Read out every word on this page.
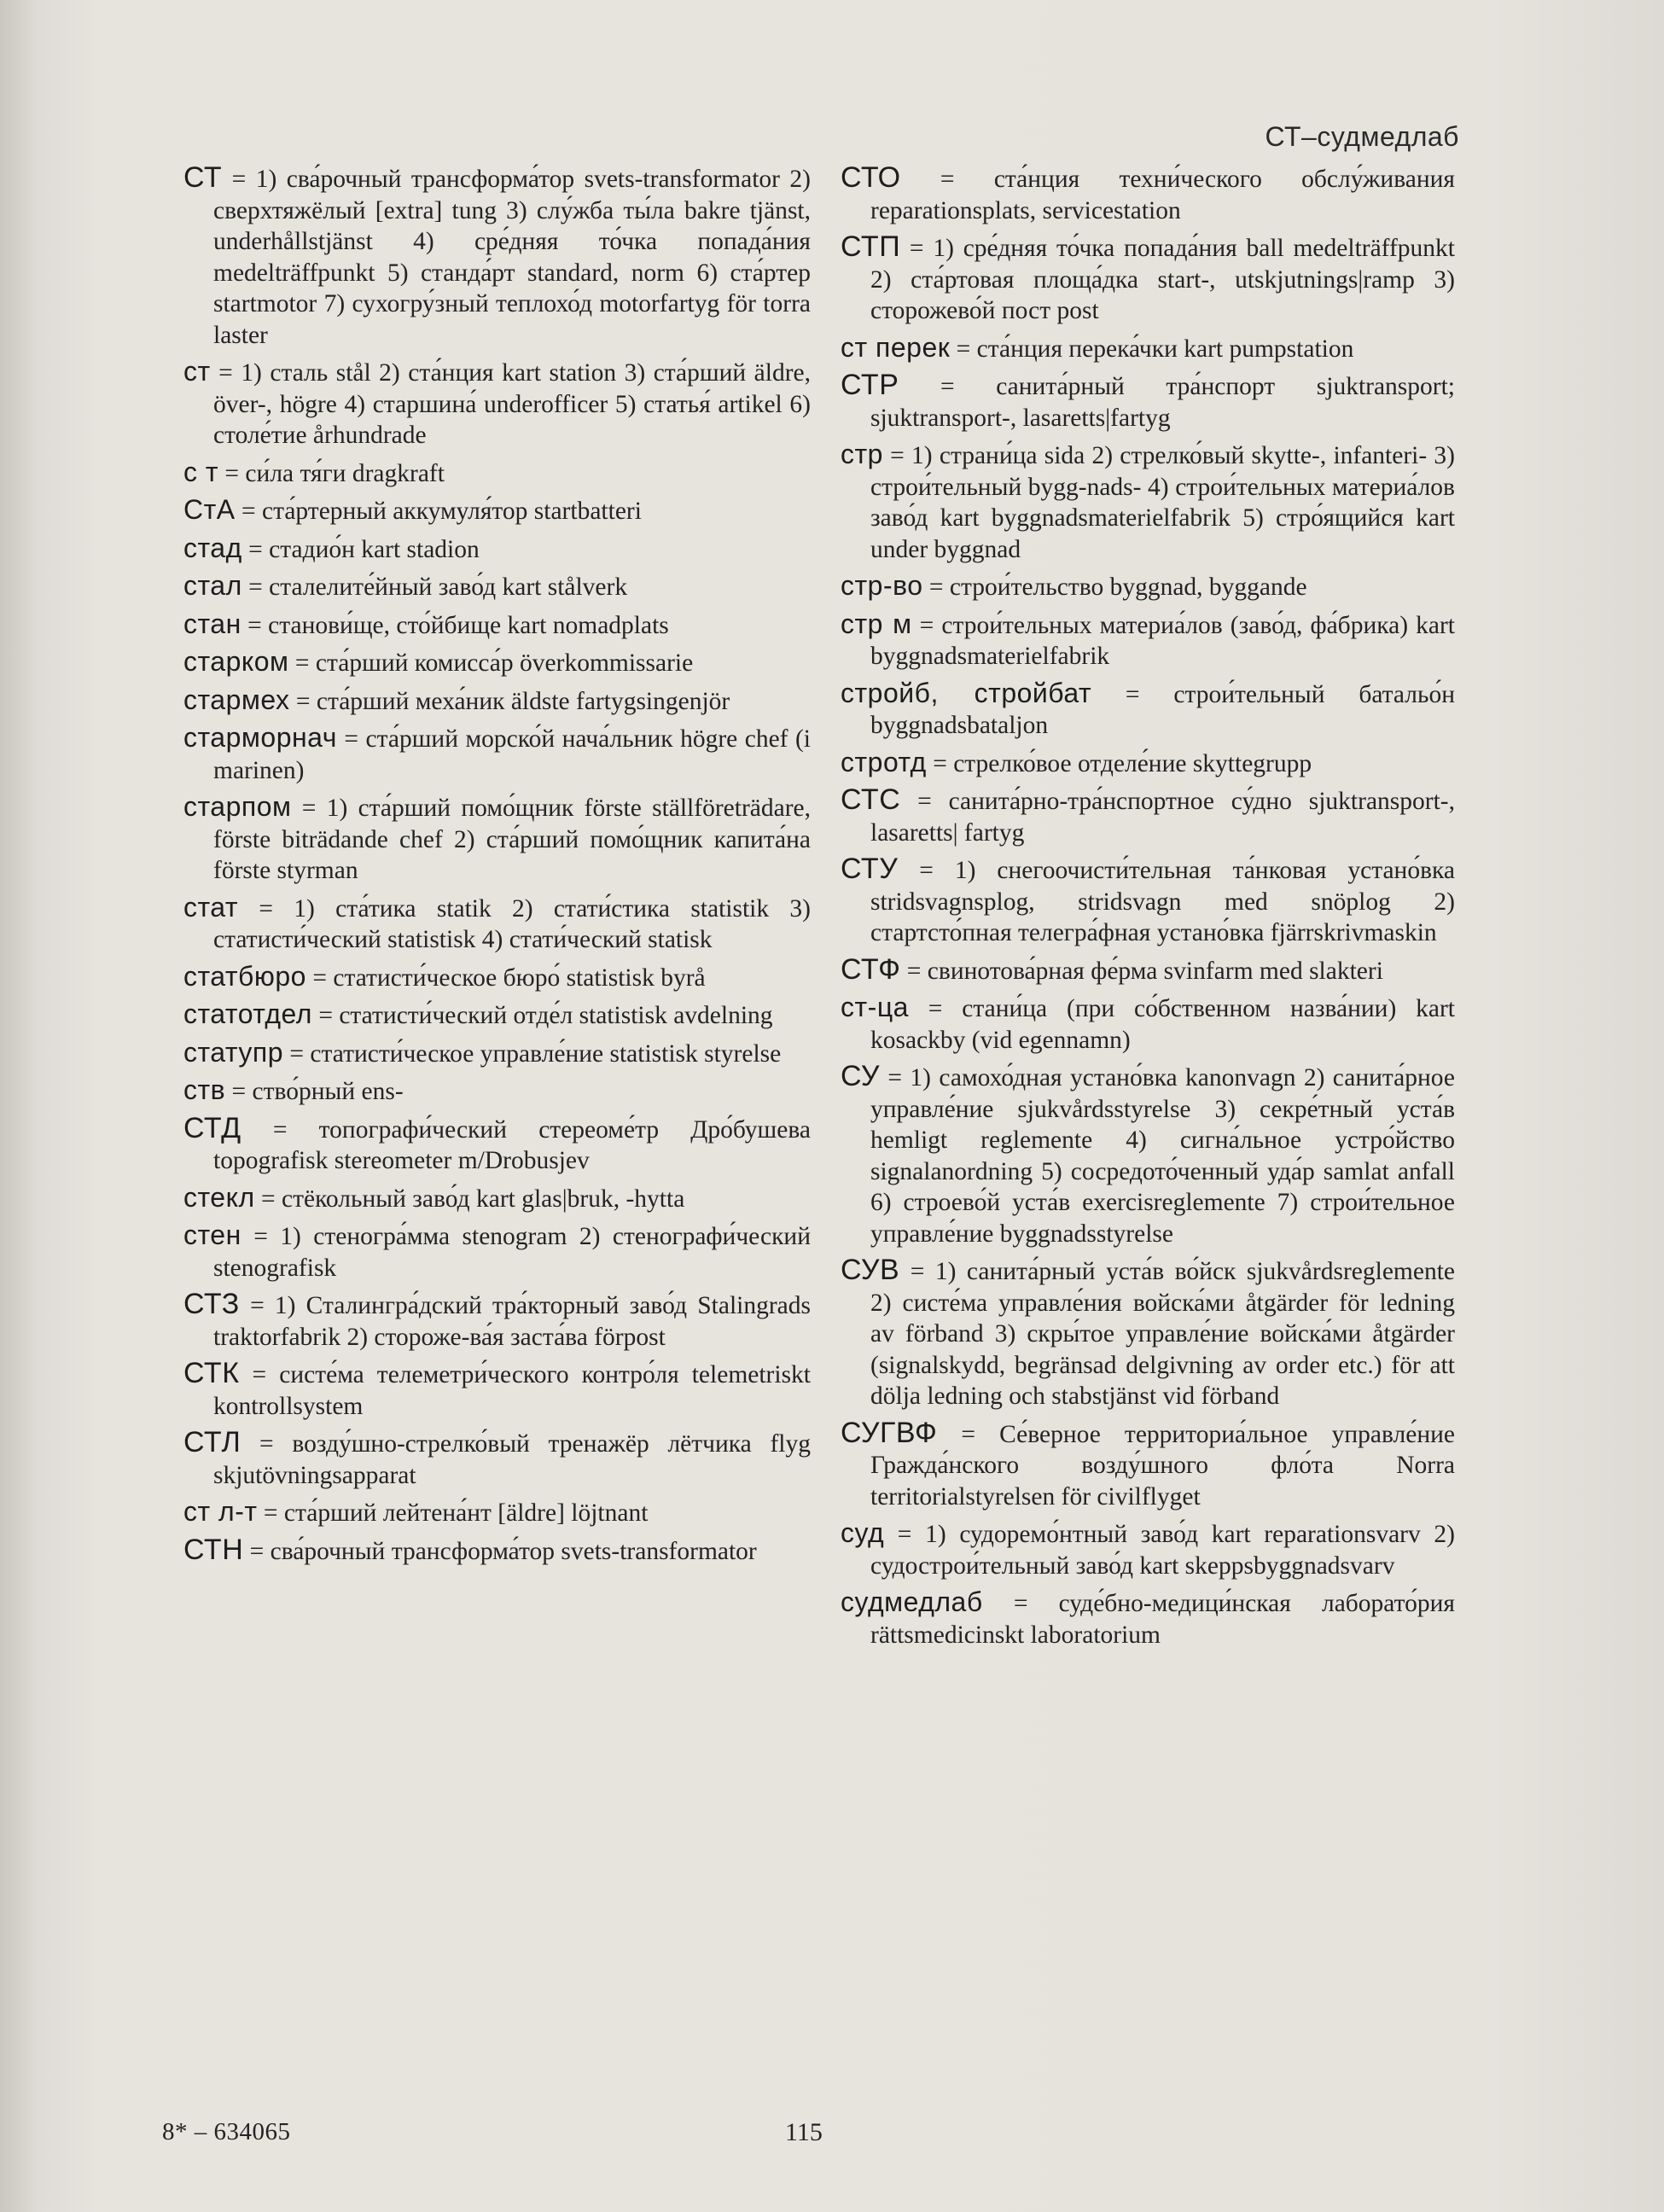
СТ–судмедлаб

СТ = 1) сва́рочный трансформа́тор svets-transformator 2) сверхтяжёлый [extra] tung 3) слу́жба ты́ла bakre tjänst, underhållstjänst 4) сре́дняя то́чка попада́ния medelträffpunkt 5) станда́рт standard, norm 6) ста́ртер startmotor 7) сухогру́зный теплохо́д motorfartyg för torra laster

ст = 1) сталь stål 2) ста́нция kart station 3) ста́рший äldre, över-, högre 4) старшина́ underofficer 5) статья́ artikel 6) столе́тие århundrade

с т = си́ла тя́ги dragkraft

СтА = ста́ртерный аккумуля́тор startbatteri

стад = стадио́н kart stadion

стал = сталелите́йный заво́д kart stålverk

стан = станови́ще, сто́йбище kart nomadplats

старком = ста́рший комисса́р överkommissarie

стармех = ста́рший меха́ник äldste fartygsingenjör

старморнач = ста́рший морско́й нача́льник högre chef (i marinen)

старпом = 1) ста́рший помо́щник förste ställföreträdare, förste biträdande chef 2) ста́рший помо́щник капита́на förste styrman

стат = 1) ста́тика statik 2) стати́стика statistik 3) статисти́ческий statistisk 4) стати́ческий statisk

статбюро = статисти́ческое бюро́ statistisk byrå

статотдел = статисти́ческий отде́л statistisk avdelning

статупр = статисти́ческое управле́ние statistisk styrelse

ств = ство́рный ens-

СТД = топографи́ческий стереоме́тр Дро́бушева topografisk stereometer m/Drobusjev

стекл = стёкольный заво́д kart glas|bruk, -hytta

стен = 1) стеногра́мма stenogram 2) стенографи́ческий stenografisk

СТЗ = 1) Сталингра́дский тра́кторный заво́д Stalingrads traktorfabrik 2) стороже-ва́я заста́ва förpost

СТК = систе́ма телеметри́ческого контро́ля telemetriskt kontrollsystem

СТЛ = возду́шно-стрелко́вый тренажёр лётчика flyg skjutövningsapparat

ст л-т = ста́рший лейтена́нт [äldre] löjtnant

СТН = сва́рочный трансформа́тор svets-transformator

СТО = ста́нция техни́ческого обслу́живания reparationsplats, servicestation

СТП = 1) сре́дняя то́чка попада́ния ball medelträffpunkt 2) ста́ртовая площа́дка start-, utskjutnings|ramp 3) сторожево́й пост post

ст перек = ста́нция перека́чки kart pumpstation

СТР = санита́рный тра́нспорт sjuktransport; sjuktransport-, lasaretts|fartyg

стр = 1) страни́ца sida 2) стрелко́вый skytte-, infanteri- 3) строи́тельный bygg-nads- 4) строи́тельных материа́лов заво́д kart byggnadsmaterielfabrik 5) стро́ящийся kart under byggnad

стр-во = строи́тельство byggnad, byggande

стр м = строи́тельных материа́лов (заво́д, фа́брика) kart byggnadsmaterielfabrik

стройб, стройбат = строи́тельный батальо́н byggnadsbataljon

стротд = стрелко́вое отделе́ние skyttegrupp

СТС = санита́рно-тра́нспортное су́дно sjuktransport-, lasaretts| fartyg

СТУ = 1) снегоочисти́тельная та́нковая устано́вка stridsvagnsplog, stridsvagn med snöplog 2) стартсто́пная телегра́фная устано́вка fjärrskrivmaskin

СТФ = свинотова́рная фе́рма svinfarm med slakteri

ст-ца = стани́ца (при со́бственном назва́нии) kart kosackby (vid egennamn)

СУ = 1) самохо́дная устано́вка kanonvagn 2) санита́рное управле́ние sjukvårdsstyrelse 3) секре́тный уста́в hemligt reglemente 4) сигна́льное устро́йство signalanordning 5) сосредото́ченный уда́р samlat anfall 6) строево́й уста́в exercisreglemente 7) строи́тельное управле́ние byggnadsstyrelse

СУВ = 1) санита́рный уста́в во́йск sjukvårdsreglemente 2) систе́ма управле́ния войска́ми åtgärder för ledning av förband 3) скры́тое управле́ние войска́ми åtgärder (signalskydd, begränsad delgivning av order etc.) för att dölja ledning och stabstjänst vid förband

СУГВФ = Се́верное территориа́льное управле́ние Гражда́нского возду́шного фло́та Norra territorialstyrelsen för civilflyget

суд = 1) судоремо́нтный заво́д kart reparationsvarv 2) судострои́тельный заво́д kart skeppsbyggnadsvarv

судмедлаб = суде́бно-медици́нская лаборато́рия rättsmedicinskt laboratorium

8* – 634065	115
